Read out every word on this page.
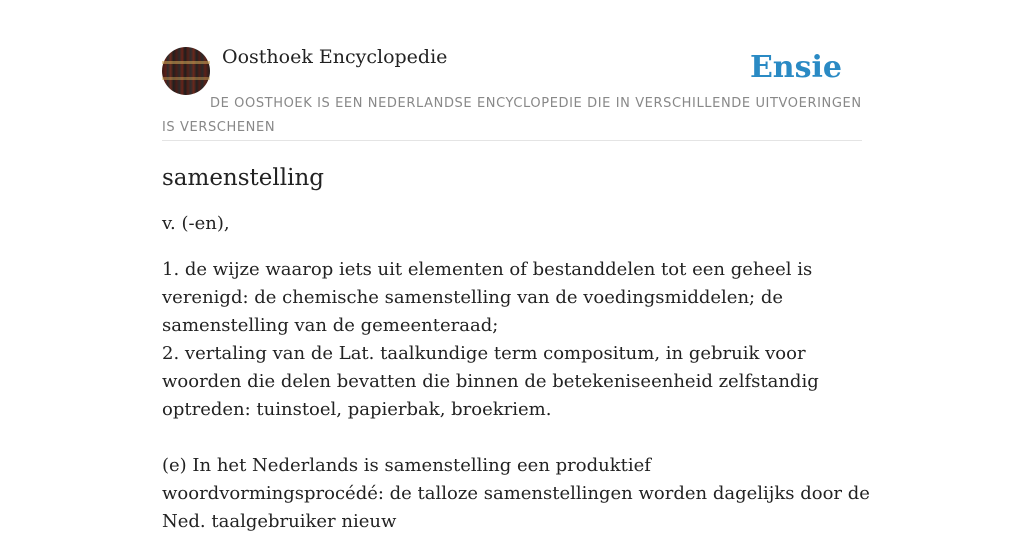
Oosthoek Encyclopedie	Ensie
DE OOSTHOEK IS EEN NEDERLANDSE ENCYCLOPEDIE DIE IN VERSCHILLENDE UITVOERINGEN IS VERSCHENEN
samenstelling

v. (-en),

1. de wijze waarop iets uit elementen of bestanddelen tot een geheel is verenigd: de chemische samenstelling van de voedingsmiddelen; de samenstelling van de gemeenteraad;
2. vertaling van de Lat. taalkundige term compositum, in gebruik voor woorden die delen bevatten die binnen de betekeniseenheid zelfstandig optreden: tuinstoel, papierbak, broekriem.

(e) In het Nederlands is samenstelling een produktief woordvormingsprocédé: de talloze samenstellingen worden dagelijks door de Ned. taalgebruiker nieuw
